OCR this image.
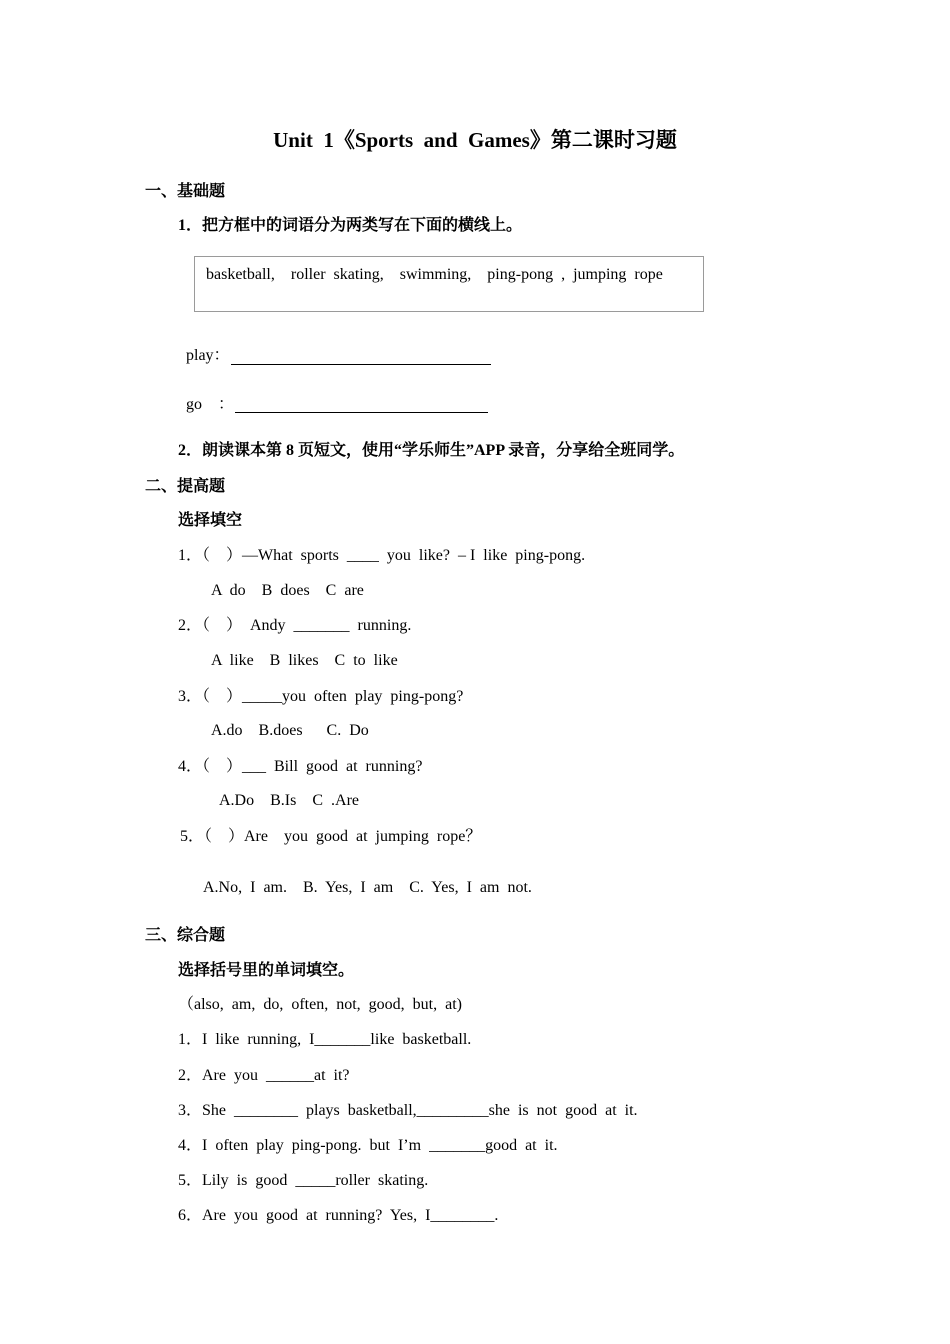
Unit  1《Sports  and  Games》第二课时习题
一、基础题
1．把方框中的词语分为两类写在下面的横线上。
basketball,    roller  skating,    swimming,    ping-pong  ,  jumping  rope
play：
go    ：
2．朗读课本第 8 页短文，使用“学乐师生”APP 录音，分享给全班同学。
二、提高题
选择填空
1．（    ）—What  sports  ____  you  like?  – I  like  ping-pong.
A  do    B  does    C  are
2．（    ）  Andy  _______  running.
A  like    B  likes    C  to  like
3．（    ）_____you  often  play  ping-pong?
A.do    B.does      C.  Do
4．（    ）___  Bill  good  at  running?
A.Do    B.Is    C  .Are
5．（    ）Are    you  good  at  jumping  rope？
A.No,  I  am.    B.  Yes,  I  am    C.  Yes,  I  am  not.
三、综合题
选择括号里的单词填空。
（also,  am,  do,  often,  not,  good,  but,  at)
1．I  like  running,  I_______like  basketball.
2．Are  you  ______at  it?
3．She  ________  plays  basketball,_________she  is  not  good  at  it.
4．I  often  play  ping-pong.  but  I’m  _______good  at  it.
5．Lily  is  good  _____roller  skating.
6．Are  you  good  at  running?  Yes,  I________.
